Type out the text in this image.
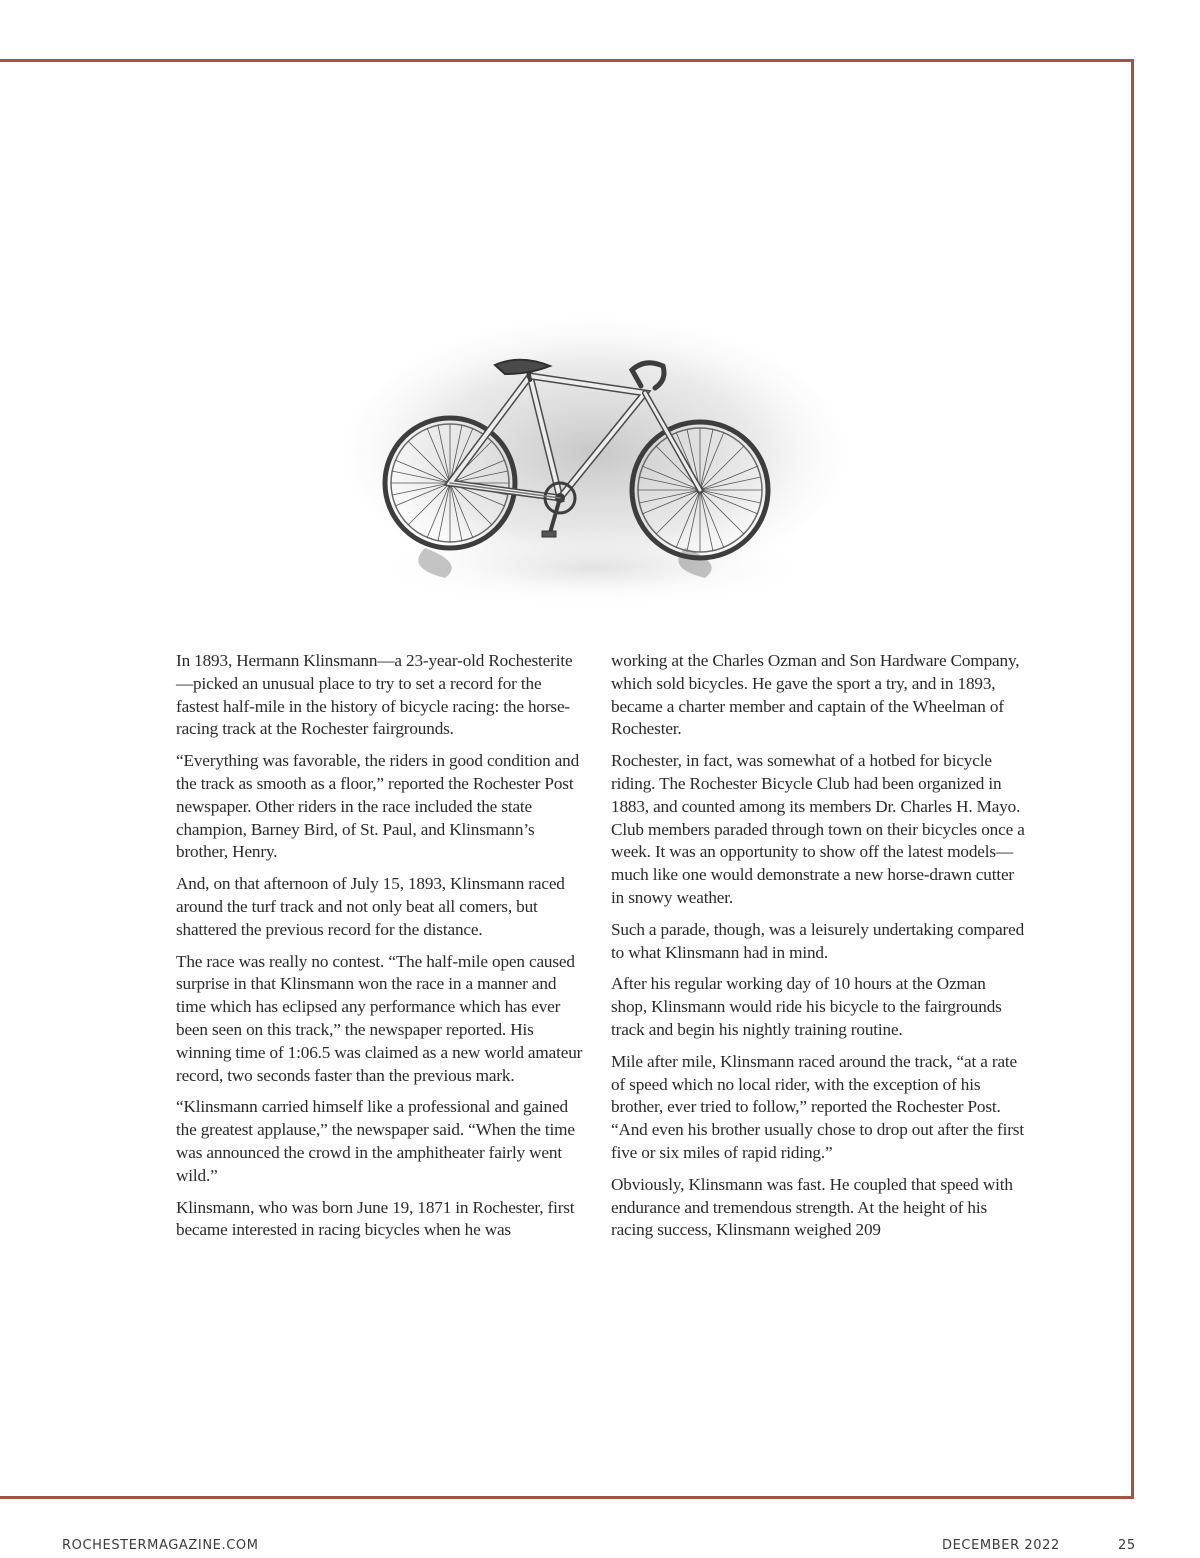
In 1893, Hermann Klinsmann—a 23-year-old Rochesterite—picked an unusual place to try to set a record for the fastest half-mile in the history of bicycle racing: the horse-racing track at the Rochester fairgrounds.

“Everything was favorable, the riders in good condition and the track as smooth as a floor,” reported the Rochester Post newspaper. Other riders in the race included the state champion, Barney Bird, of St. Paul, and Klinsmann’s brother, Henry.

And, on that afternoon of July 15, 1893, Klinsmann raced around the turf track and not only beat all comers, but shattered the previous record for the distance.

The race was really no contest. “The half-mile open caused surprise in that Klinsmann won the race in a manner and time which has eclipsed any performance which has ever been seen on this track,” the newspaper reported. His winning time of 1:06.5 was claimed as a new world amateur record, two seconds faster than the previous mark.

“Klinsmann carried himself like a professional and gained the greatest applause,” the newspaper said. “When the time was announced the crowd in the amphitheater fairly went wild.”

Klinsmann, who was born June 19, 1871 in Rochester, first became interested in racing bicycles when he was

working at the Charles Ozman and Son Hardware Company, which sold bicycles. He gave the sport a try, and in 1893, became a charter member and captain of the Wheelman of Rochester.

Rochester, in fact, was somewhat of a hotbed for bicycle riding. The Rochester Bicycle Club had been organized in 1883, and counted among its members Dr. Charles H. Mayo. Club members paraded through town on their bicycles once a week. It was an opportunity to show off the latest models—much like one would demonstrate a new horse-drawn cutter in snowy weather.

Such a parade, though, was a leisurely undertaking compared to what Klinsmann had in mind.

After his regular working day of 10 hours at the Ozman shop, Klinsmann would ride his bicycle to the fairgrounds track and begin his nightly training routine.

Mile after mile, Klinsmann raced around the track, “at a rate of speed which no local rider, with the exception of his brother, ever tried to follow,” reported the Rochester Post. “And even his brother usually chose to drop out after the first five or six miles of rapid riding.”

Obviously, Klinsmann was fast. He coupled that speed with endurance and tremendous strength. At the height of his racing success, Klinsmann weighed 209

ROCHESTERMAGAZINE.COM	DECEMBER 2022	25
